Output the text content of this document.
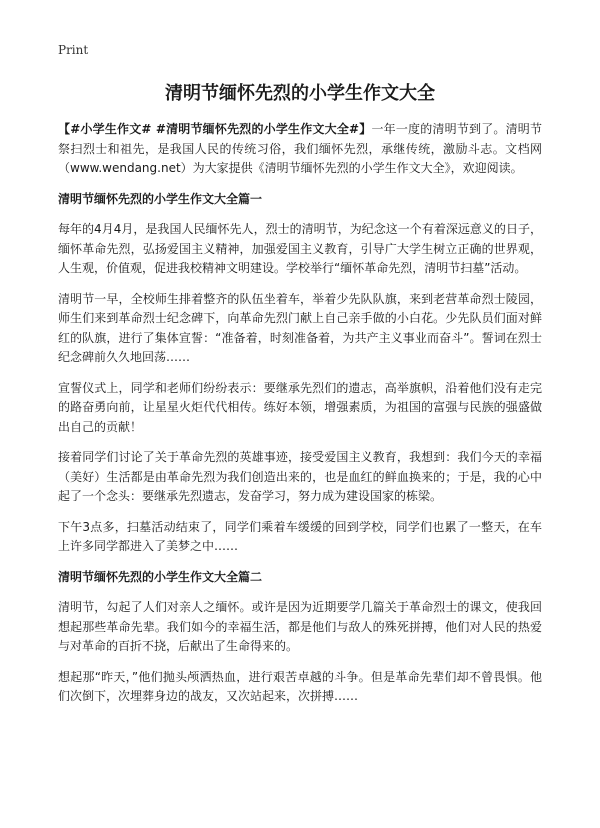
Print
清明节缅怀先烈的小学生作文大全

【#小学生作文# #清明节缅怀先烈的小学生作文大全#】一年一度的清明节到了。清明节祭扫烈士和祖先，是我国人民的传统习俗，我们缅怀先烈，承继传统，激励斗志。文档网（www.wendang.net）为大家提供《清明节缅怀先烈的小学生作文大全》，欢迎阅读。

清明节缅怀先烈的小学生作文大全篇一

每年的4月4月，是我国人民缅怀先人，烈士的清明节，为纪念这一个有着深远意义的日子，缅怀革命先烈，弘扬爱国主义精神，加强爱国主义教育，引导广大学生树立正确的世界观，人生观，价值观，促进我校精神文明建设。学校举行“缅怀革命先烈，清明节扫墓”活动。

清明节一早，全校师生排着整齐的队伍坐着车，举着少先队队旗，来到老营革命烈士陵园，师生们来到革命烈士纪念碑下，向革命先烈门献上自己亲手做的小白花。少先队员们面对鲜红的队旗，进行了集体宣誓：“准备着，时刻准备着，为共产主义事业而奋斗”。誓词在烈士纪念碑前久久地回荡……

宣誓仪式上，同学和老师们纷纷表示：要继承先烈们的遗志，高举旗帜，沿着他们没有走完的路奋勇向前，让星星火炬代代相传。练好本领，增强素质，为祖国的富强与民族的强盛做出自己的贡献！

接着同学们讨论了关于革命先烈的英雄事迹，接受爱国主义教育，我想到：我们今天的幸福（美好）生活都是由革命先烈为我们创造出来的，也是血红的鲜血换来的；于是，我的心中起了一个念头：要继承先烈遗志，发奋学习，努力成为建设国家的栋梁。

下午3点多，扫墓活动结束了，同学们乘着车缓缓的回到学校，同学们也累了一整天，在车上许多同学都进入了美梦之中……

清明节缅怀先烈的小学生作文大全篇二

清明节，勾起了人们对亲人之缅怀。或许是因为近期要学几篇关于革命烈士的课文，使我回想起那些革命先辈。我们如今的幸福生活，都是他们与敌人的殊死拼搏，他们对人民的热爱与对革命的百折不挠，后献出了生命得来的。

想起那“昨天，”他们抛头颅洒热血，进行艰苦卓越的斗争。但是革命先辈们却不曾畏惧。他们次倒下，次埋葬身边的战友，又次站起来，次拼搏……
